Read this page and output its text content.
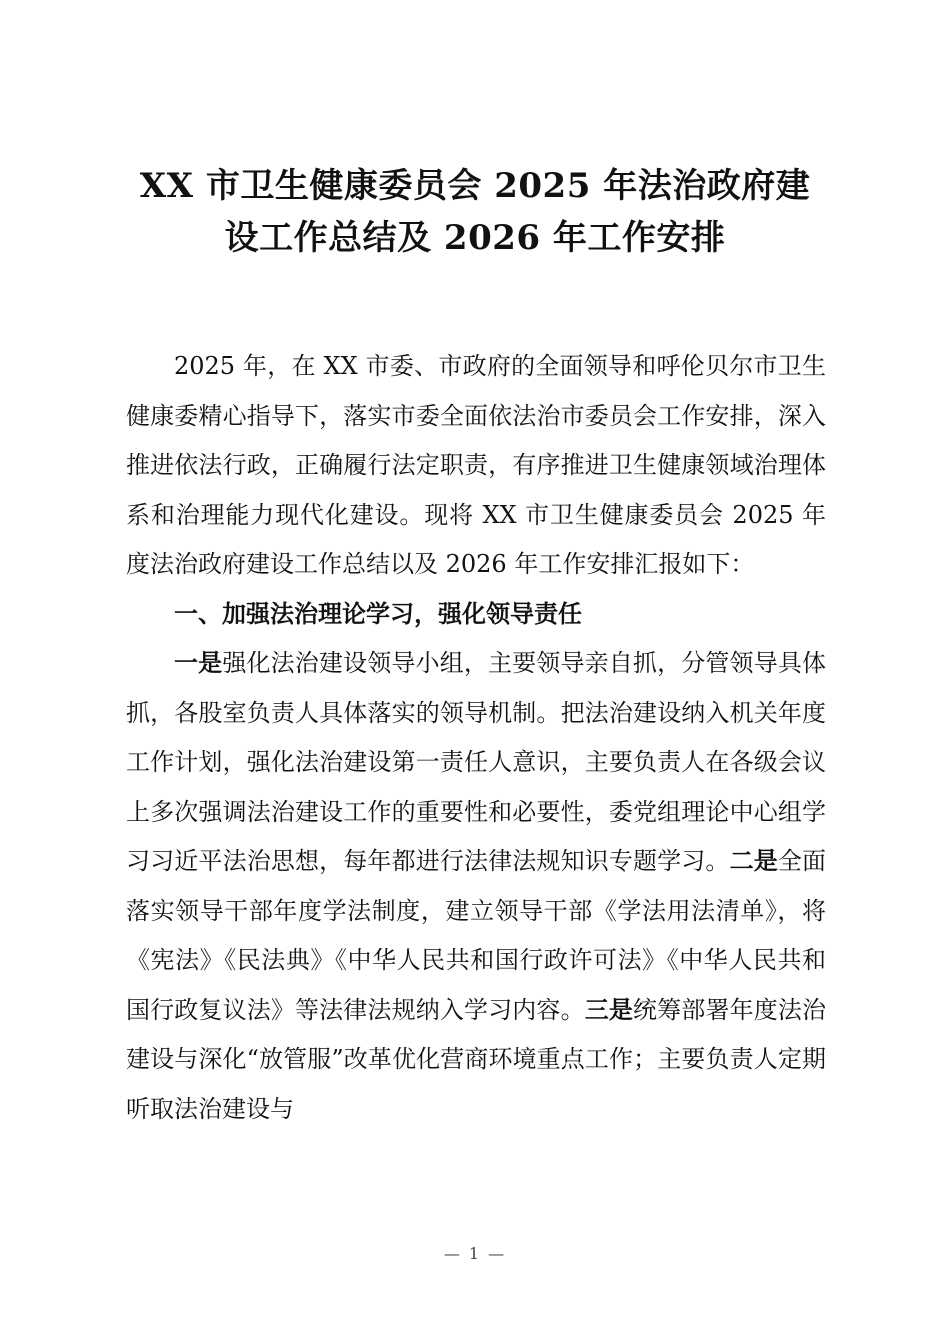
XX 市卫生健康委员会 2025 年法治政府建
设工作总结及 2026 年工作安排

2025 年，在 XX 市委、市政府的全面领导和呼伦贝尔市卫生健康委精心指导下，落实市委全面依法治市委员会工作安排，深入推进依法行政，正确履行法定职责，有序推进卫生健康领域治理体系和治理能力现代化建设。现将 XX 市卫生健康委员会 2025 年度法治政府建设工作总结以及 2026 年工作安排汇报如下：

一、加强法治理论学习，强化领导责任

一是强化法治建设领导小组，主要领导亲自抓，分管领导具体抓，各股室负责人具体落实的领导机制。把法治建设纳入机关年度工作计划，强化法治建设第一责任人意识，主要负责人在各级会议上多次强调法治建设工作的重要性和必要性，委党组理论中心组学习习近平法治思想，每年都进行法律法规知识专题学习。二是全面落实领导干部年度学法制度，建立领导干部《学法用法清单》，将《宪法》《民法典》《中华人民共和国行政许可法》《中华人民共和国行政复议法》等法律法规纳入学习内容。三是统筹部署年度法治建设与深化“放管服”改革优化营商环境重点工作；主要负责人定期听取法治建设与

— 1 —
